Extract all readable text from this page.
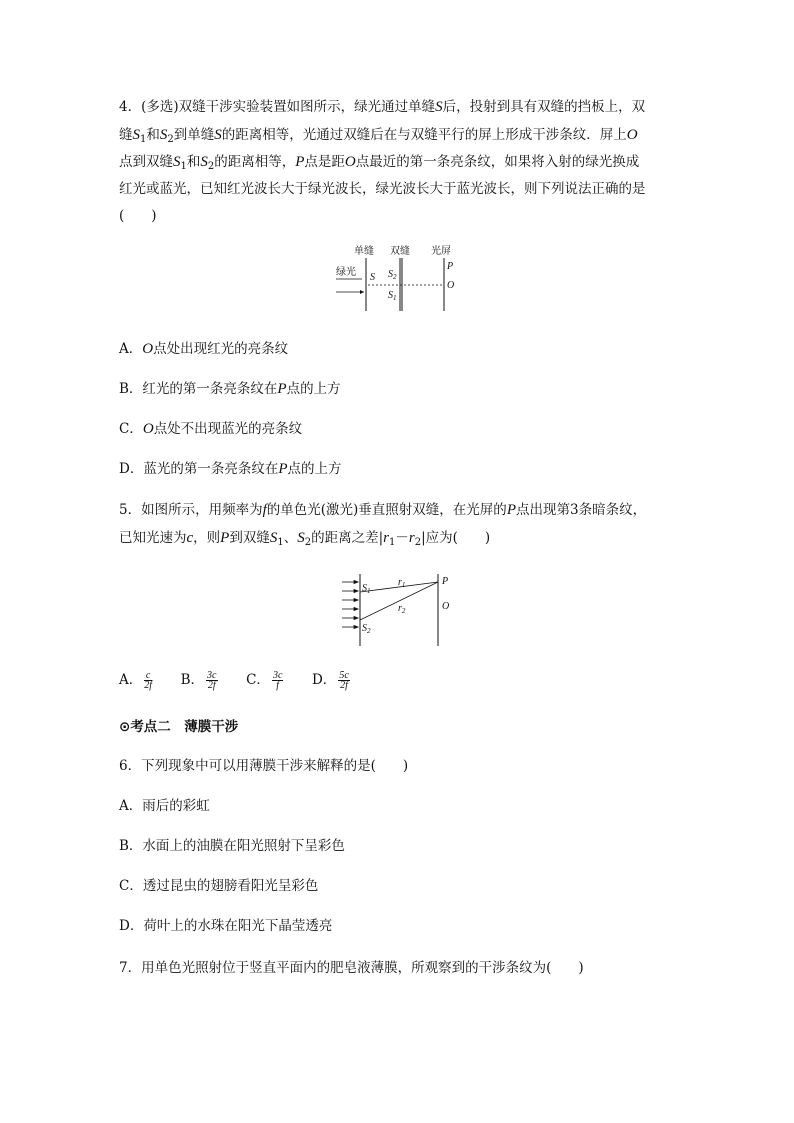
4．(多选)双缝干涉实验装置如图所示，绿光通过单缝S后，投射到具有双缝的挡板上，双
缝$S_1$和$S_2$到单缝S的距离相等，光通过双缝后在与双缝平行的屏上形成干涉条纹．屏上O
点到双缝$S_1$和$S_2$的距离相等，P点是距O点最近的第一条亮条纹，如果将入射的绿光换成
红光或蓝光，已知红光波长大于绿光波长，绿光波长大于蓝光波长，则下列说法正确的是
(　　)
单缝 双缝 光屏
绿光 S $S_2$
$S_1$
P
O
A．O点处出现红光的亮条纹
B．红光的第一条亮条纹在P点的上方
C．O点处不出现蓝光的亮条纹
D．蓝光的第一条亮条纹在P点的上方
5．如图所示，用频率为f的单色光(激光)垂直照射双缝，在光屏的P点出现第3条暗条纹，
已知光速为c，则P到双缝$S_1$、$S_2$的距离之差$|r_1-r_2|$应为(　　)
S
$S_2$
$r_1$
$r_2$
P
O
A． $\frac{c}{2f}$ B． $\frac{3c}{2f}$ C． $\frac{3c}{f}$ D． $\frac{5c}{2f}$
⊙考点二　薄膜干涉
6．下列现象中可以用薄膜干涉来解释的是(　　)
A．雨后的彩虹
B．水面上的油膜在阳光照射下呈彩色
C．透过昆虫的翅膀看阳光呈彩色
D．荷叶上的水珠在阳光下晶莹透亮
7．用单色光照射位于竖直平面内的肥皂液薄膜，所观察到的干涉条纹为(　　)
